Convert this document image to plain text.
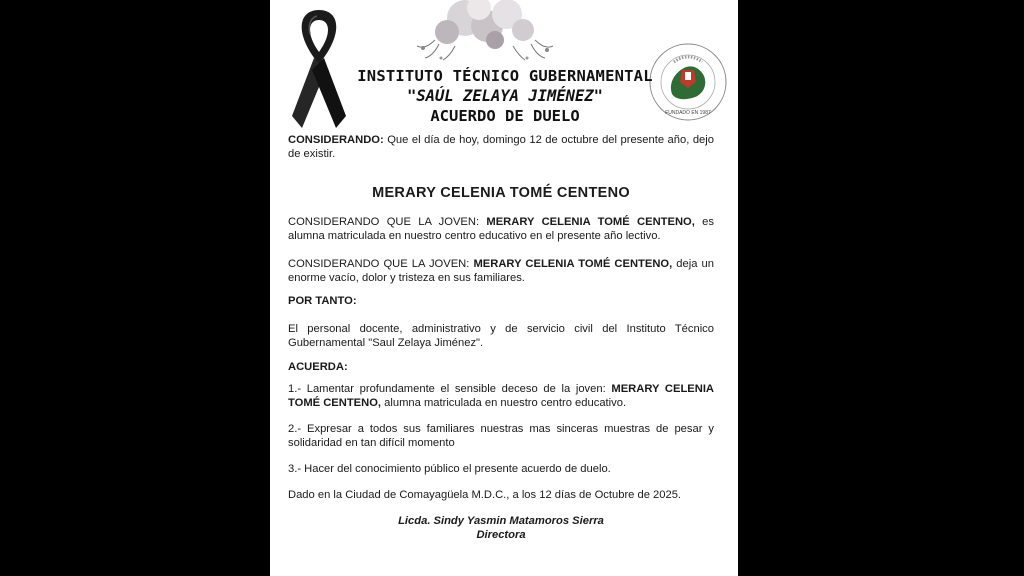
FUNDADO EN 1987
INSTITUTO TÉCNICO GUBERNAMENTAL
"SAÚL ZELAYA JIMÉNEZ"
ACUERDO DE DUELO

CONSIDERANDO: Que el día de hoy, domingo 12 de octubre del presente año, dejo de existir.

MERARY CELENIA TOMÉ CENTENO

CONSIDERANDO QUE LA JOVEN: MERARY CELENIA TOMÉ CENTENO, es alumna matriculada en nuestro centro educativo en el presente año lectivo.

CONSIDERANDO QUE LA JOVEN: MERARY CELENIA TOMÉ CENTENO, deja un enorme vacío, dolor y tristeza en sus familiares.

POR TANTO:

El personal docente, administrativo y de servicio civil del Instituto Técnico Gubernamental "Saul Zelaya Jiménez".

ACUERDA:

1.- Lamentar profundamente el sensible deceso de la joven: MERARY CELENIA TOMÉ CENTENO, alumna matriculada en nuestro centro educativo.

2.- Expresar a todos sus familiares nuestras mas sinceras muestras de pesar y solidaridad en tan difícil momento

3.- Hacer del conocimiento público el presente acuerdo de duelo.

Dado en la Ciudad de Comayagüela M.D.C., a los 12 días de Octubre de 2025.

Licda. Sindy Yasmin Matamoros Sierra

Directora
